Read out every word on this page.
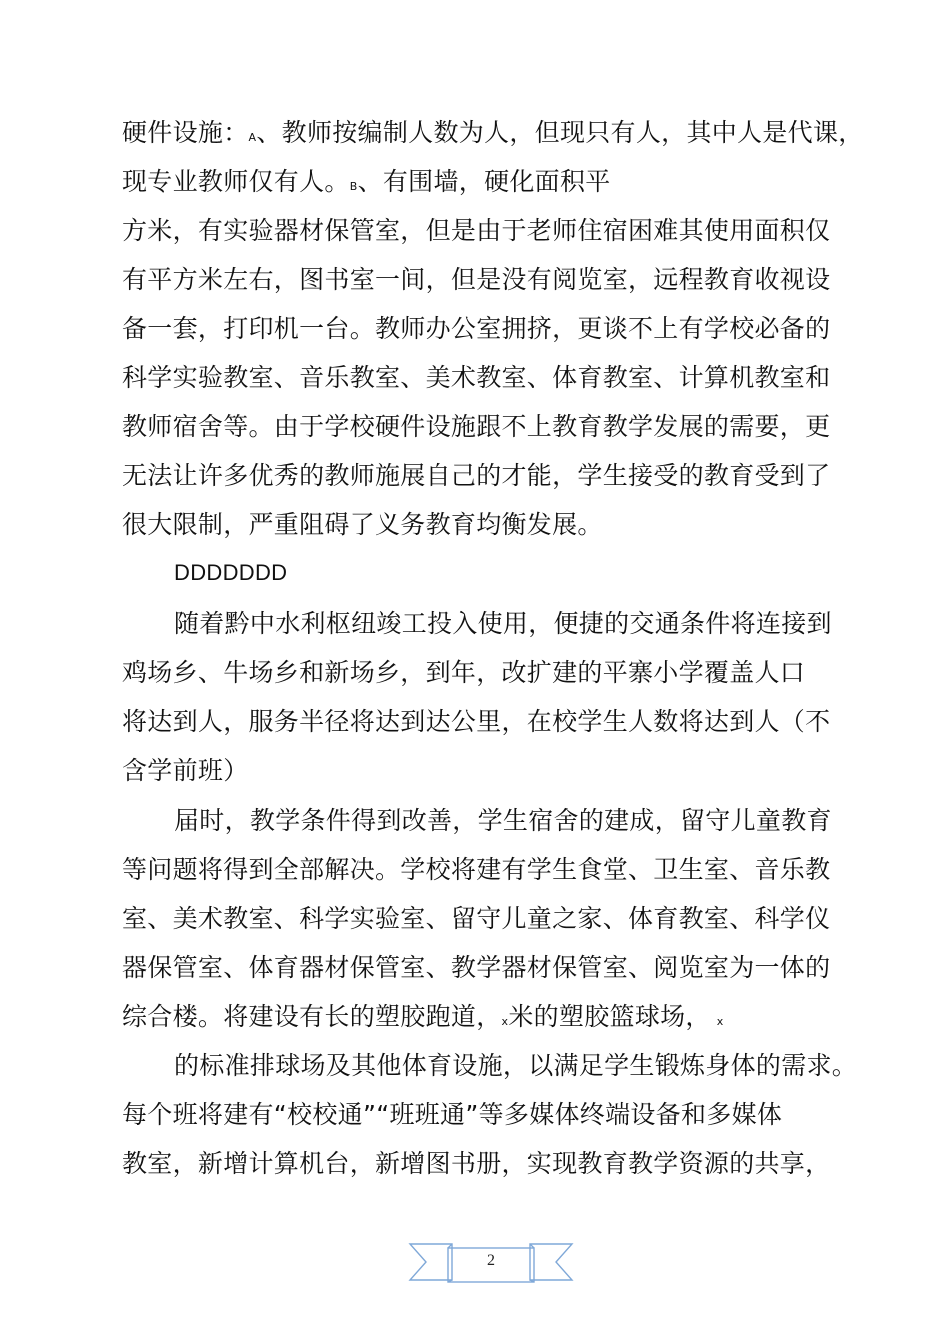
硬件设施：A、教师按编制人数为人，但现只有人，其中人是代课，
现专业教师仅有人。B、有围墙，硬化面积平
方米，有实验器材保管室，但是由于老师住宿困难其使用面积仅
有平方米左右，图书室一间，但是没有阅览室，远程教育收视设
备一套，打印机一台。教师办公室拥挤，更谈不上有学校必备的
科学实验教室、音乐教室、美术教室、体育教室、计算机教室和
教师宿舍等。由于学校硬件设施跟不上教育教学发展的需要，更
无法让许多优秀的教师施展自己的才能，学生接受的教育受到了
很大限制，严重阻碍了义务教育均衡发展。
DDDDDDD
随着黔中水利枢纽竣工投入使用，便捷的交通条件将连接到
鸡场乡、牛场乡和新场乡，到年，改扩建的平寨小学覆盖人口
将达到人，服务半径将达到达公里，在校学生人数将达到人（不
含学前班）
届时，教学条件得到改善，学生宿舍的建成，留守儿童教育
等问题将得到全部解决。学校将建有学生食堂、卫生室、音乐教
室、美术教室、科学实验室、留守儿童之家、体育教室、科学仪
器保管室、体育器材保管室、教学器材保管室、阅览室为一体的
综合楼。将建设有长的塑胶跑道，x米的塑胶篮球场， x
的标准排球场及其他体育设施，以满足学生锻炼身体的需求。
每个班将建有“校校通”“班班通”等多媒体终端设备和多媒体
教室，新增计算机台，新增图书册，实现教育教学资源的共享，
2
